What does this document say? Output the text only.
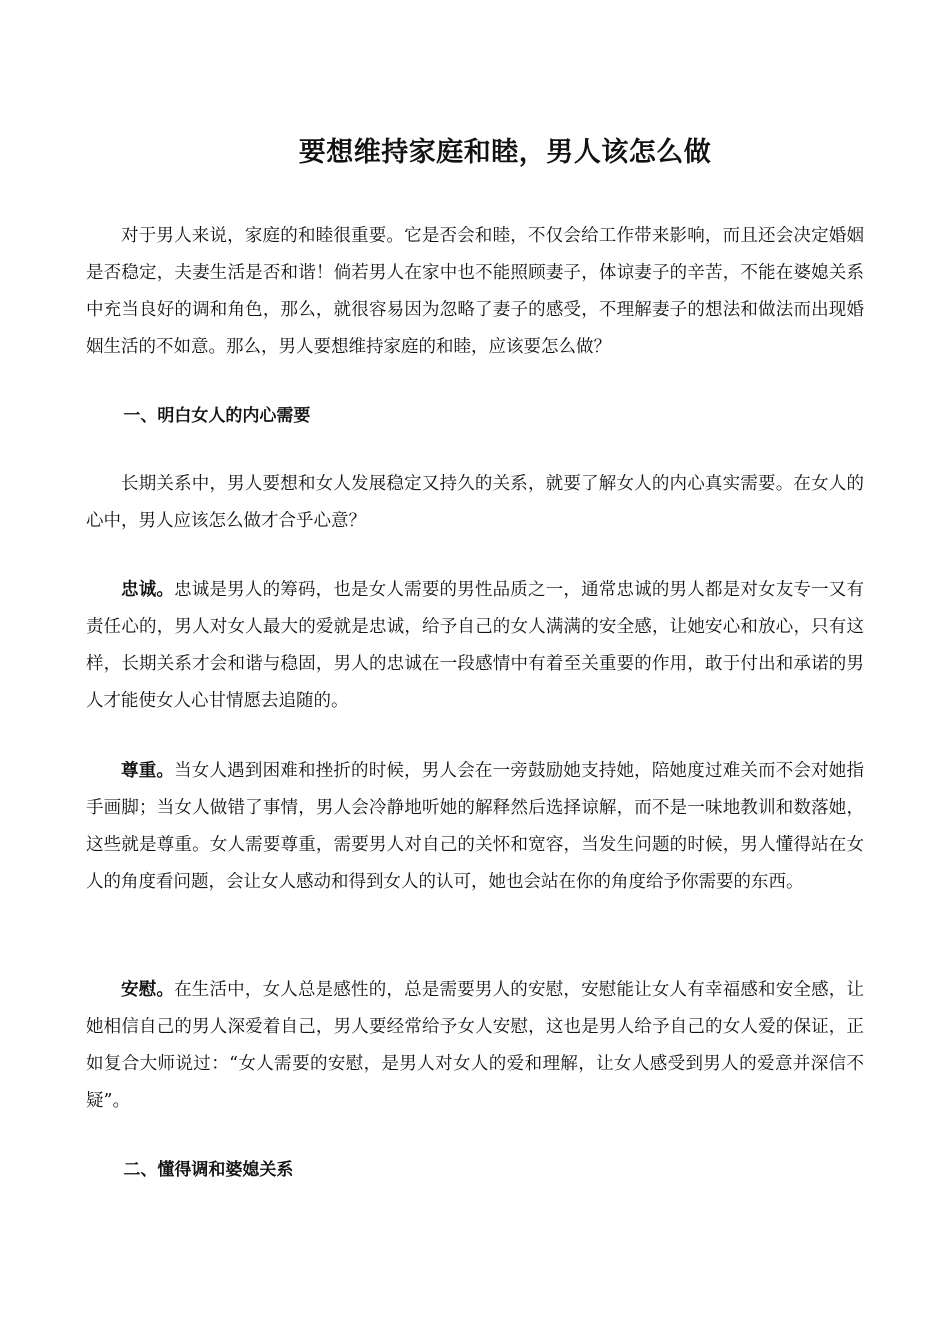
要想维持家庭和睦，男人该怎么做

对于男人来说，家庭的和睦很重要。它是否会和睦，不仅会给工作带来影响，而且还会决定婚姻是否稳定，夫妻生活是否和谐！倘若男人在家中也不能照顾妻子，体谅妻子的辛苦，不能在婆媳关系中充当良好的调和角色，那么，就很容易因为忽略了妻子的感受，不理解妻子的想法和做法而出现婚姻生活的不如意。那么，男人要想维持家庭的和睦，应该要怎么做？

一、明白女人的内心需要

长期关系中，男人要想和女人发展稳定又持久的关系，就要了解女人的内心真实需要。在女人的心中，男人应该怎么做才合乎心意？

忠诚。忠诚是男人的筹码，也是女人需要的男性品质之一，通常忠诚的男人都是对女友专一又有责任心的，男人对女人最大的爱就是忠诚，给予自己的女人满满的安全感，让她安心和放心，只有这样，长期关系才会和谐与稳固，男人的忠诚在一段感情中有着至关重要的作用，敢于付出和承诺的男人才能使女人心甘情愿去追随的。

尊重。当女人遇到困难和挫折的时候，男人会在一旁鼓励她支持她，陪她度过难关而不会对她指手画脚；当女人做错了事情，男人会冷静地听她的解释然后选择谅解，而不是一味地教训和数落她，这些就是尊重。女人需要尊重，需要男人对自己的关怀和宽容，当发生问题的时候，男人懂得站在女人的角度看问题，会让女人感动和得到女人的认可，她也会站在你的角度给予你需要的东西。

安慰。在生活中，女人总是感性的，总是需要男人的安慰，安慰能让女人有幸福感和安全感，让她相信自己的男人深爱着自己，男人要经常给予女人安慰，这也是男人给予自己的女人爱的保证，正如复合大师说过：“女人需要的安慰，是男人对女人的爱和理解，让女人感受到男人的爱意并深信不疑”。

二、懂得调和婆媳关系
